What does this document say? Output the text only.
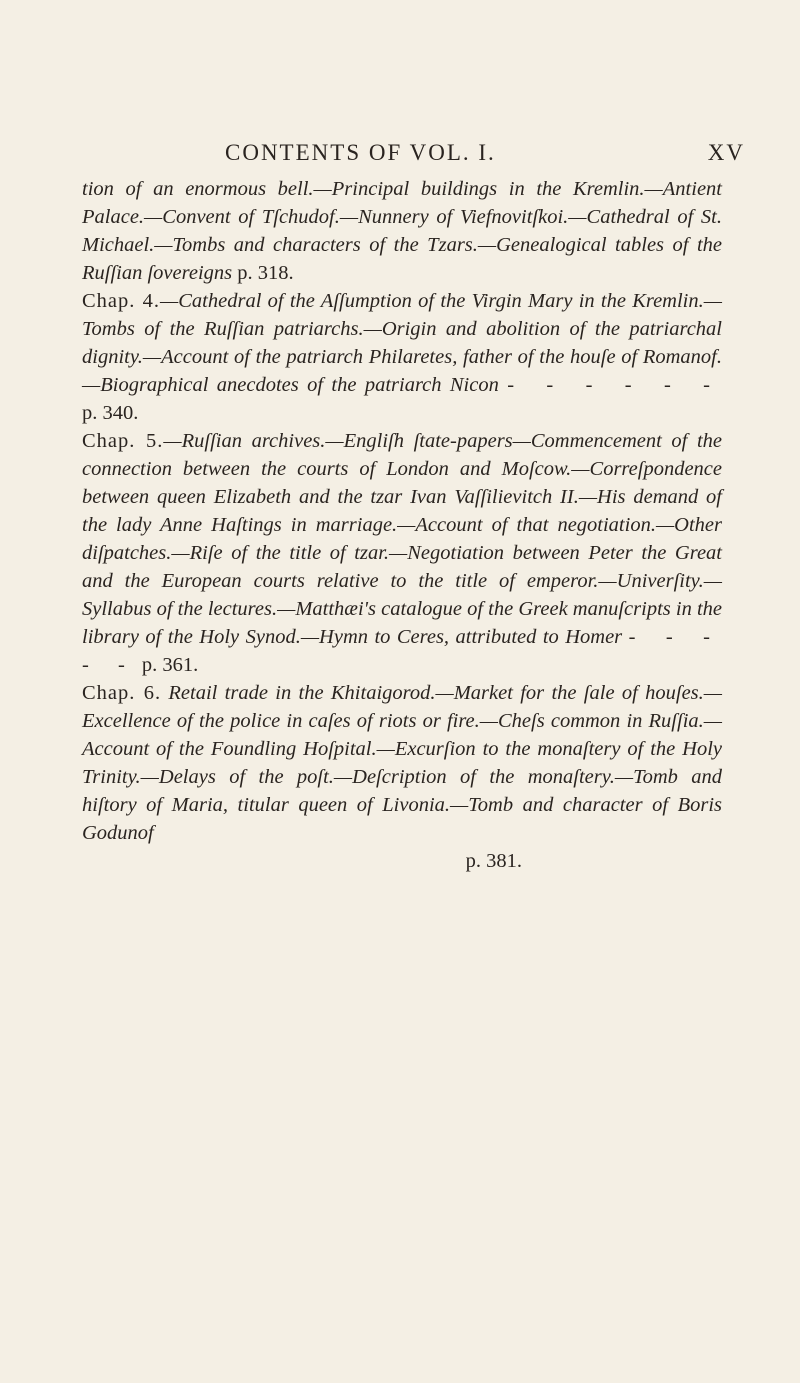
CONTENTS OF VOL. I.	XV

tion of an enormous bell.—Principal buildings in the Kremlin.—Antient Palace.—Convent of Tſchudof.—Nunnery of Viefnovitſkoi.—Cathedral of St. Michael.—Tombs and characters of the Tzars.—Genealogical tables of the Ruſſian ſovereigns p. 318.

Chap. 4.—Cathedral of the Aſſumption of the Virgin Mary in the Kremlin.—Tombs of the Ruſſian patriarchs.—Origin and abolition of the patriarchal dignity.—Account of the patriarch Philaretes, father of the houſe of Romanof.—Biographical anecdotes of the patriarch Nicon - - - - - - p. 340.

Chap. 5.—Ruſſian archives.—Engliſh ſtate-papers—Commencement of the connection between the courts of London and Moſcow.—Correſpondence between queen Elizabeth and the tzar Ivan Vaſſilievitch II.—His demand of the lady Anne Haſtings in marriage.—Account of that negotiation.—Other diſpatches.—Riſe of the title of tzar.—Negotiation between Peter the Great and the European courts relative to the title of emperor.—Univerſity.—Syllabus of the lectures.—Matthæi's catalogue of the Greek manuſcripts in the library of the Holy Synod.—Hymn to Ceres, attributed to Homer - - - - - p. 361.

Chap. 6. Retail trade in the Khitaigorod.—Market for the ſale of houſes.—Excellence of the police in caſes of riots or fire.—Cheſs common in Ruſſia.—Account of the Foundling Hoſpital.—Excurſion to the monaſtery of the Holy Trinity.—Delays of the poſt.—Deſcription of the monaſtery.—Tomb and hiſtory of Maria, titular queen of Livonia.—Tomb and character of Boris Godunof

p. 381.
